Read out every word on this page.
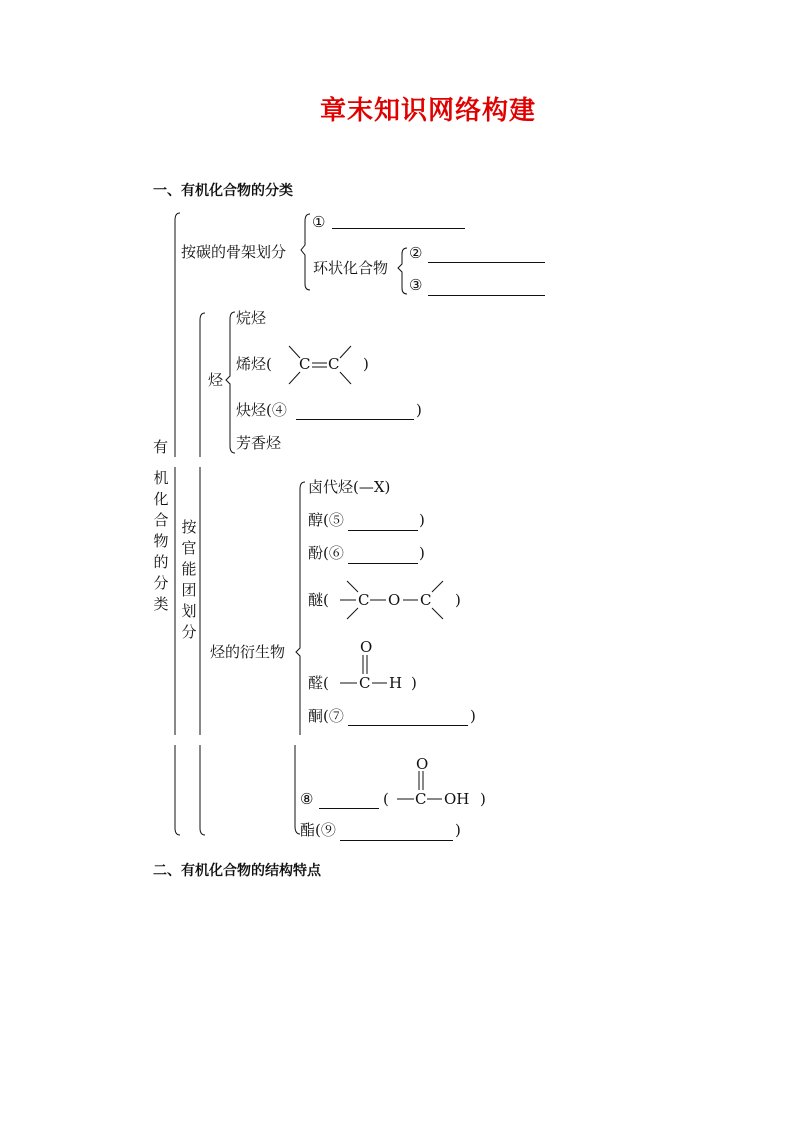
章末知识网络构建
一、有机化合物的分类
二、有机化合物的结构特点
有
机
化
合
物
的
分
类
按碳的骨架划分
①
环状化合物
②
③
按
官
能
团
划
分
烃
烷烃
烯烃( C C )
炔烃(④	)
芳香烃
烃的衍生物
卤代烃(—X)
醇(⑤	)
酚(⑥	)
醚( C O C )
O
醛( C H )
酮(⑦	)
O
⑧	( C OH )
酯(⑨	)
